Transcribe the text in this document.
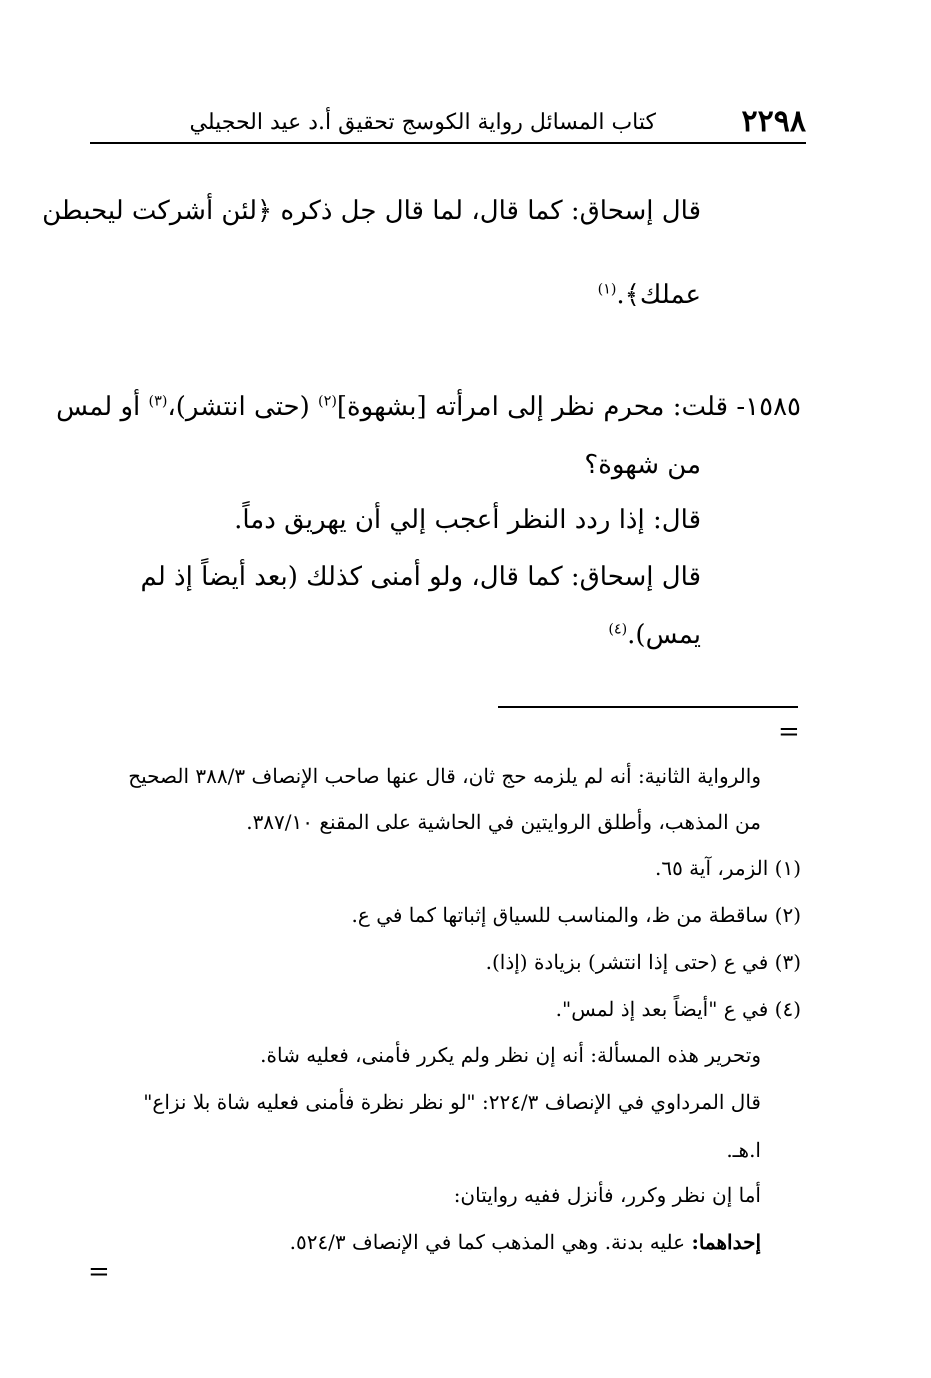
٢٢٩٨
كتاب المسائل رواية الكوسج تحقيق أ.د عيد الحجيلي

قال إسحاق: كما قال، لما قال جل ذكره ﴿لئن أشركت ليحبطن

عملك﴾.$^{(١)}$

١٥٨٥- قلت: محرم نظر إلى امرأته [بشهوة]$^{(٢)}$ (حتى انتشر)،$^{(٣)}$ أو لمس

من شهوة؟

قال: إذا ردد النظر أعجب إلي أن يهريق دماً.

قال إسحاق: كما قال، ولو أمنى كذلك (بعد أيضاً إذ لم

يمس).$^{(٤)}$

=

والرواية الثانية: أنه لم يلزمه حج ثان، قال عنها صاحب الإنصاف ٣٨٨/٣ الصحيح

من المذهب، وأطلق الروايتين في الحاشية على المقنع ٣٨٧/١٠.

(١) الزمر، آية ٦٥.

(٢) ساقطة من ظ، والمناسب للسياق إثباتها كما في ع.

(٣) في ع (حتى إذا انتشر) بزيادة (إذا).

(٤) في ع "أيضاً بعد إذ لمس".

وتحرير هذه المسألة: أنه إن نظر ولم يكرر فأمنى، فعليه شاة.

قال المرداوي في الإنصاف ٢٢٤/٣: "لو نظر نظرة فأمنى فعليه شاة بلا نزاع"

ا.هـ.

أما إن نظر وكرر، فأنزل ففيه روايتان:

إحداهما: عليه بدنة. وهي المذهب كما في الإنصاف ٥٢٤/٣.

=
